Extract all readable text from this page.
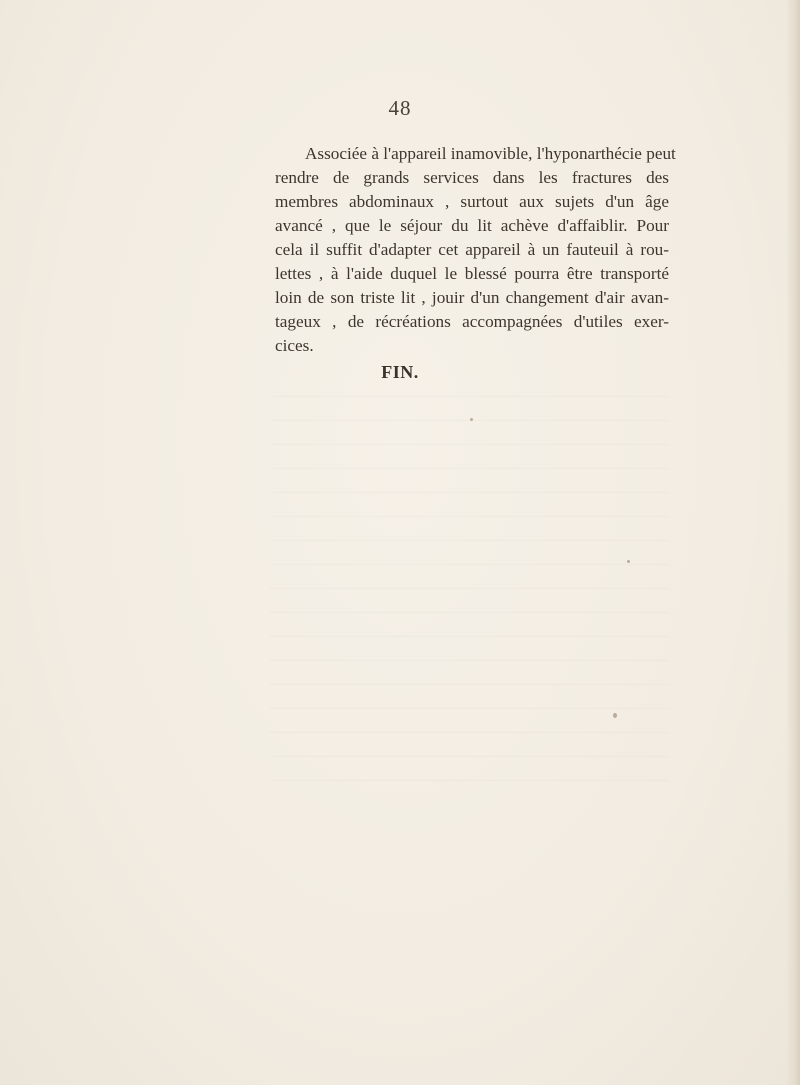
48
Associée à l'appareil inamovible, l'hyponarthécie peut
rendre de grands services dans les fractures des
membres abdominaux , surtout aux sujets d'un âge
avancé , que le séjour du lit achève d'affaiblir. Pour
cela il suffit d'adapter cet appareil à un fauteuil à rou-
lettes , à l'aide duquel le blessé pourra être transporté
loin de son triste lit , jouir d'un changement d'air avan-
tageux , de récréations accompagnées d'utiles exer-
cices.
FIN.
